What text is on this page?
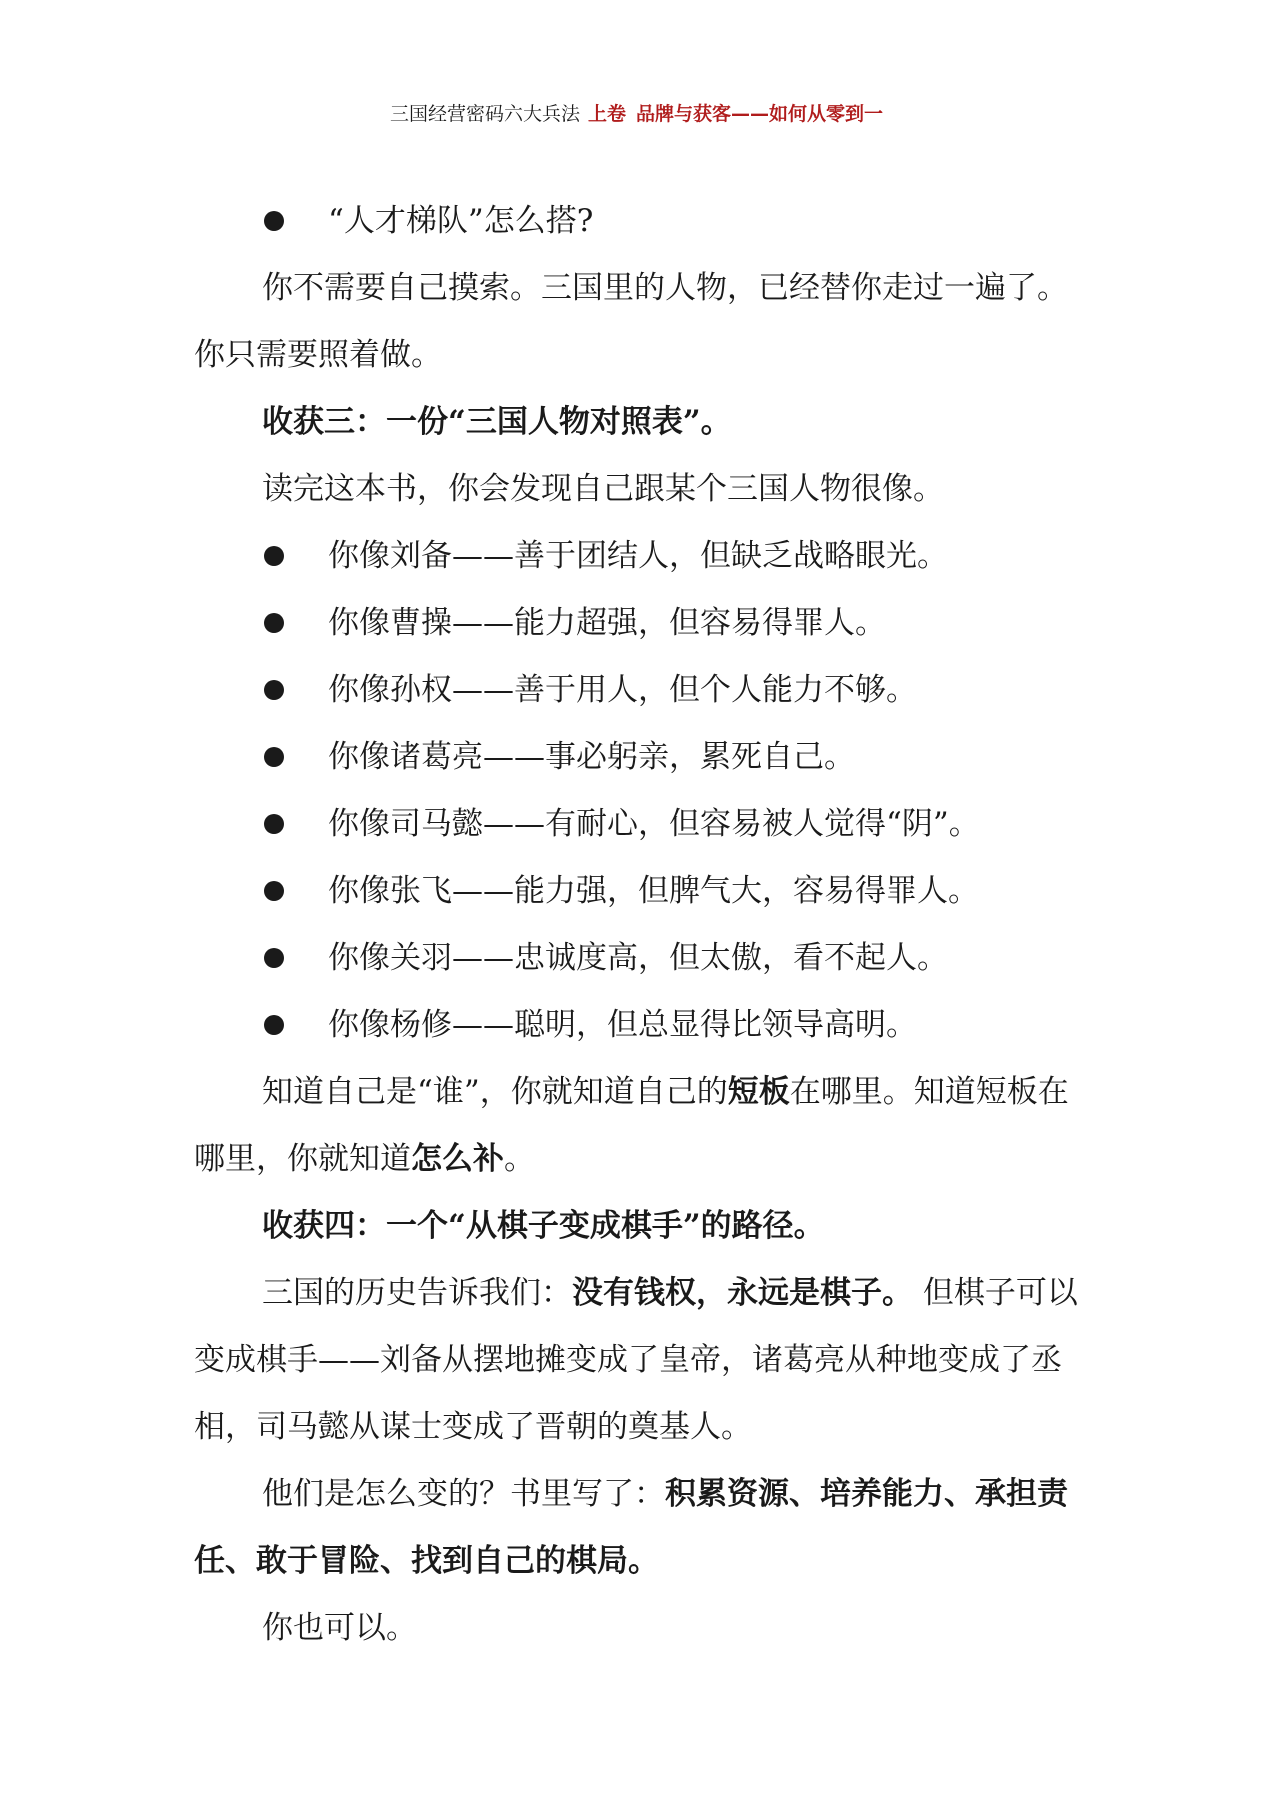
三国经营密码六大兵法 上卷 品牌与获客——如何从零到一
“人才梯队”怎么搭?

你不需要自己摸索。三国里的人物，已经替你走过一遍了。你只需要照着做。

收获三：一份“三国人物对照表”。

读完这本书，你会发现自己跟某个三国人物很像。

你像刘备——善于团结人，但缺乏战略眼光。
你像曹操——能力超强，但容易得罪人。
你像孙权——善于用人，但个人能力不够。
你像诸葛亮——事必躬亲，累死自己。
你像司马懿——有耐心，但容易被人觉得“阴”。
你像张飞——能力强，但脾气大，容易得罪人。
你像关羽——忠诚度高，但太傲，看不起人。
你像杨修——聪明，但总显得比领导高明。

知道自己是“谁”，你就知道自己的短板在哪里。知道短板在哪里，你就知道怎么补。

收获四：一个“从棋子变成棋手”的路径。

三国的历史告诉我们：没有钱权，永远是棋子。 但棋子可以变成棋手——刘备从摆地摊变成了皇帝，诸葛亮从种地变成了丞相，司马懿从谋士变成了晋朝的奠基人。

他们是怎么变的？书里写了：积累资源、培养能力、承担责任、敢于冒险、找到自己的棋局。

你也可以。
